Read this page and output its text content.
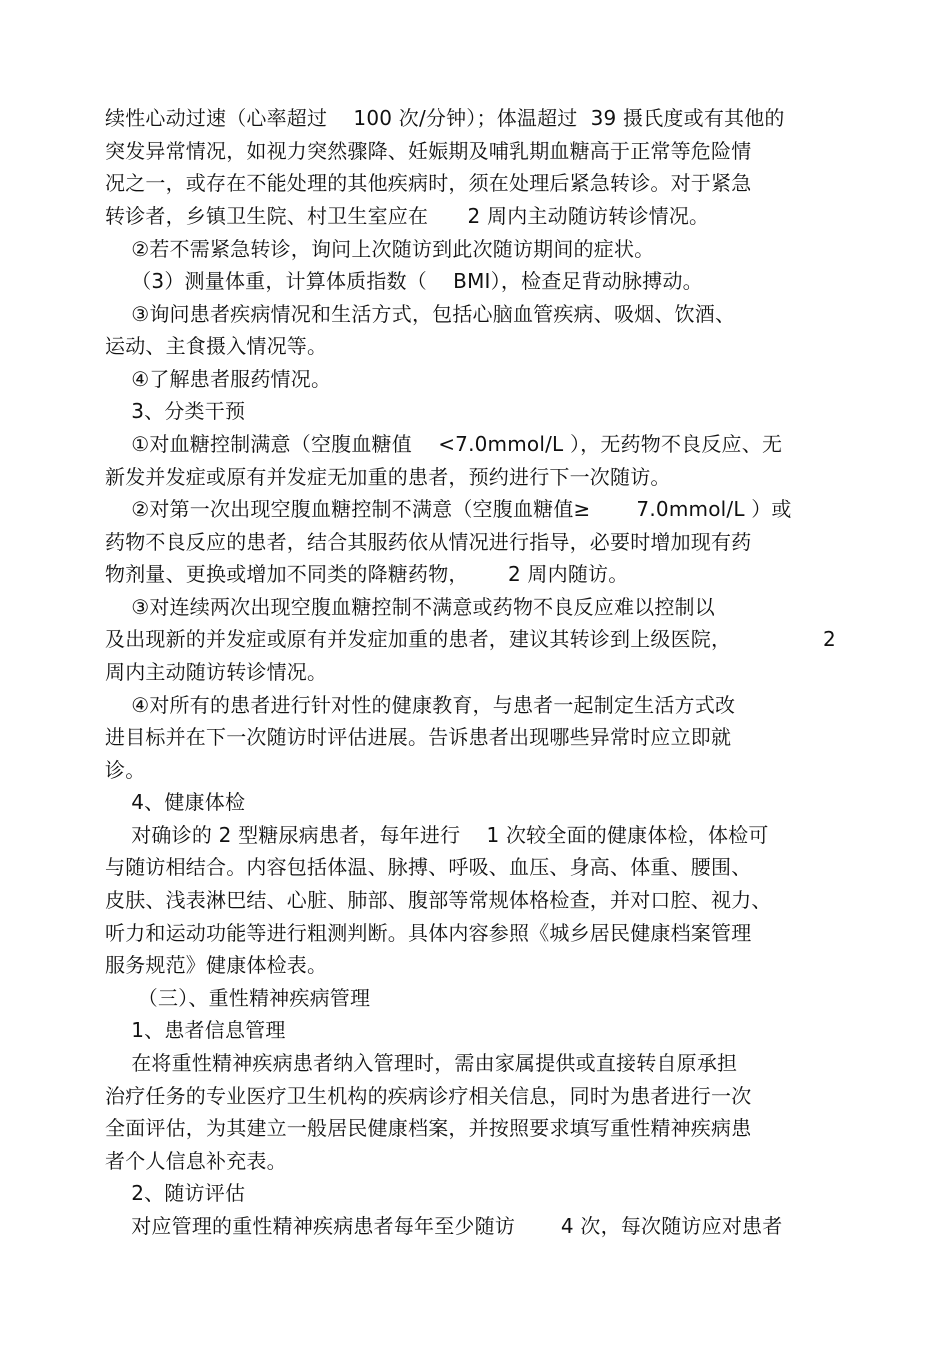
续性心动过速（心率超过    100 次/分钟）；体温超过  39 摄氏度或有其他的
突发异常情况，如视力突然骤降、妊娠期及哺乳期血糖高于正常等危险情
况之一，或存在不能处理的其他疾病时，须在处理后紧急转诊。对于紧急
转诊者，乡镇卫生院、村卫生室应在      2 周内主动随访转诊情况。
②若不需紧急转诊，询问上次随访到此次随访期间的症状。
（3）测量体重，计算体质指数（    BMI），检查足背动脉搏动。
③询问患者疾病情况和生活方式，包括心脑血管疾病、吸烟、饮酒、
运动、主食摄入情况等。
④了解患者服药情况。
3、分类干预
①对血糖控制满意（空腹血糖值    <7.0mmol/L ），无药物不良反应、无
新发并发症或原有并发症无加重的患者，预约进行下一次随访。
②对第一次出现空腹血糖控制不满意（空腹血糖值≥       7.0mmol/L ）或
药物不良反应的患者，结合其服药依从情况进行指导，必要时增加现有药
物剂量、更换或增加不同类的降糖药物，      2 周内随访。
③对连续两次出现空腹血糖控制不满意或药物不良反应难以控制以
及出现新的并发症或原有并发症加重的患者，建议其转诊到上级医院，              2
周内主动随访转诊情况。
④对所有的患者进行针对性的健康教育，与患者一起制定生活方式改
进目标并在下一次随访时评估进展。告诉患者出现哪些异常时应立即就
诊。
4、健康体检
对确诊的 2 型糖尿病患者，每年进行    1 次较全面的健康体检，体检可
与随访相结合。内容包括体温、脉搏、呼吸、血压、身高、体重、腰围、
皮肤、浅表淋巴结、心脏、肺部、腹部等常规体格检查，并对口腔、视力、
听力和运动功能等进行粗测判断。具体内容参照《城乡居民健康档案管理
服务规范》健康体检表。
（三）、重性精神疾病管理
1、患者信息管理
在将重性精神疾病患者纳入管理时，需由家属提供或直接转自原承担
治疗任务的专业医疗卫生机构的疾病诊疗相关信息，同时为患者进行一次
全面评估，为其建立一般居民健康档案，并按照要求填写重性精神疾病患
者个人信息补充表。
2、随访评估
对应管理的重性精神疾病患者每年至少随访       4 次，每次随访应对患者
